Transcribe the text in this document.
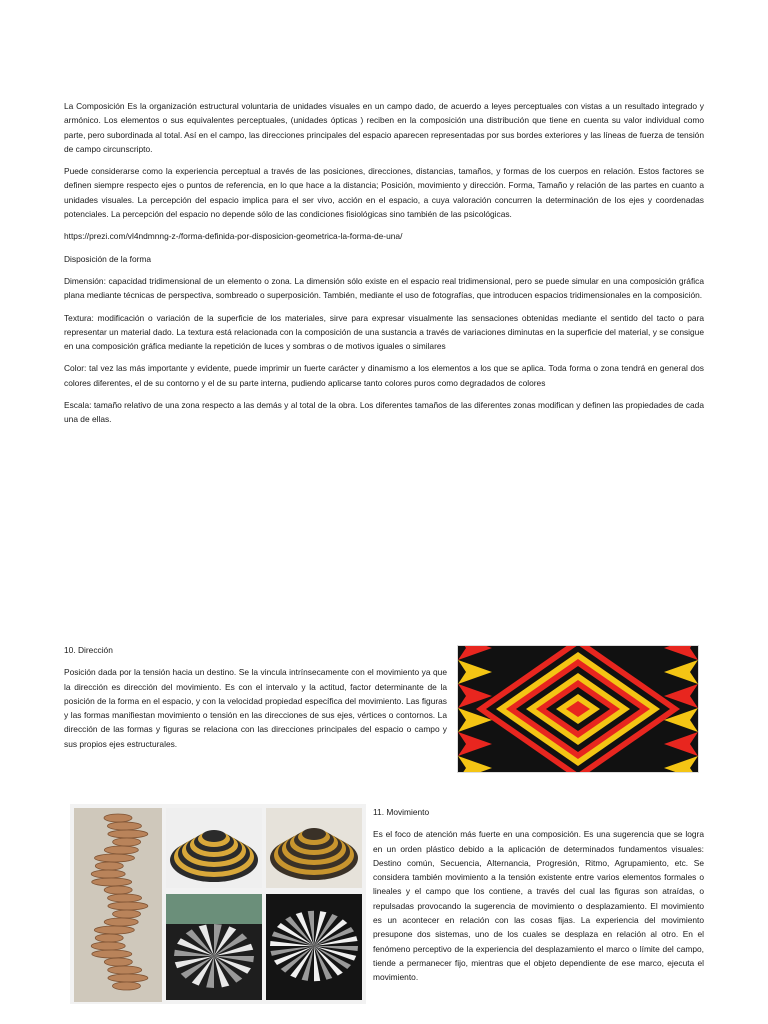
La Composición Es la organización estructural voluntaria de unidades visuales en un campo dado, de acuerdo a leyes perceptuales con vistas a un resultado integrado y armónico. Los elementos o sus equivalentes perceptuales, (unidades ópticas ) reciben en la composición una distribución que tiene en cuenta su valor individual como parte, pero subordinada al total. Así en el campo, las direcciones principales del espacio aparecen representadas por sus bordes exteriores y las líneas de fuerza de tensión de campo circunscripto.

Puede considerarse como la experiencia perceptual a través de las posiciones, direcciones, distancias, tamaños, y formas de los cuerpos en relación. Estos factores se definen siempre respecto ejes o puntos de referencia, en lo que hace a la distancia; Posición, movimiento y dirección. Forma, Tamaño y relación de las partes en cuanto a unidades visuales. La percepción del espacio implica para el ser vivo, acción en el espacio, a cuya valoración concurren la determinación de los ejes y coordenadas potenciales. La percepción del espacio no depende sólo de las condiciones fisiológicas sino también de las psicológicas.

https://prezi.com/vl4ndmnng-z-/forma-definida-por-disposicion-geometrica-la-forma-de-una/

Disposición de la forma

Dimensión: capacidad tridimensional de un elemento o zona. La dimensión sólo existe en el espacio real tridimensional, pero se puede simular en una composición gráfica plana mediante técnicas de perspectiva, sombreado o superposición. También, mediante el uso de fotografías, que introducen espacios tridimensionales en la composición.

Textura: modificación o variación de la superficie de los materiales, sirve para expresar visualmente las sensaciones obtenidas mediante el sentido del tacto o para representar un material dado. La textura está relacionada con la composición de una sustancia a través de variaciones diminutas en la superficie del material, y se consigue en una composición gráfica mediante la repetición de luces y sombras o de motivos iguales o similares

Color: tal vez las más importante y evidente, puede imprimir un fuerte carácter y dinamismo a los elementos a los que se aplica. Toda forma o zona tendrá en general dos colores diferentes, el de su contorno y el de su parte interna, pudiendo aplicarse tanto colores puros como degradados de colores

Escala: tamaño relativo de una zona respecto a las demás y al total de la obra. Los diferentes tamaños de las diferentes zonas modifican y definen las propiedades de cada una de ellas.

10. Dirección

Posición dada por la tensión hacia un destino. Se la vincula intrínsecamente con el movimiento ya que la dirección es dirección del movimiento. Es con el intervalo y la actitud, factor determinante de la posición de la forma en el espacio, y con la velocidad propiedad específica del movimiento. Las figuras y las formas manifiestan movimiento o tensión en las direcciones de sus ejes, vértices o contornos. La dirección de las formas y figuras se relaciona con las direcciones principales del espacio o campo y sus propios ejes estructurales.

11. Movimiento

Es el foco de atención más fuerte en una composición. Es una sugerencia que se logra en un orden plástico debido a la aplicación de determinados fundamentos visuales: Destino común, Secuencia, Alternancia, Progresión, Ritmo, Agrupamiento, etc. Se considera también movimiento a la tensión existente entre varios elementos formales o lineales y el campo que los contiene, a través del cual las figuras son atraídas, o repulsadas provocando la sugerencia de movimiento o desplazamiento. El movimiento es un acontecer en relación con las cosas fijas. La experiencia del movimiento presupone dos sistemas, uno de los cuales se desplaza en relación al otro. En el fenómeno perceptivo de la experiencia del desplazamiento el marco o límite del campo, tiende a permanecer fijo, mientras que el objeto dependiente de ese marco, ejecuta el movimiento.
